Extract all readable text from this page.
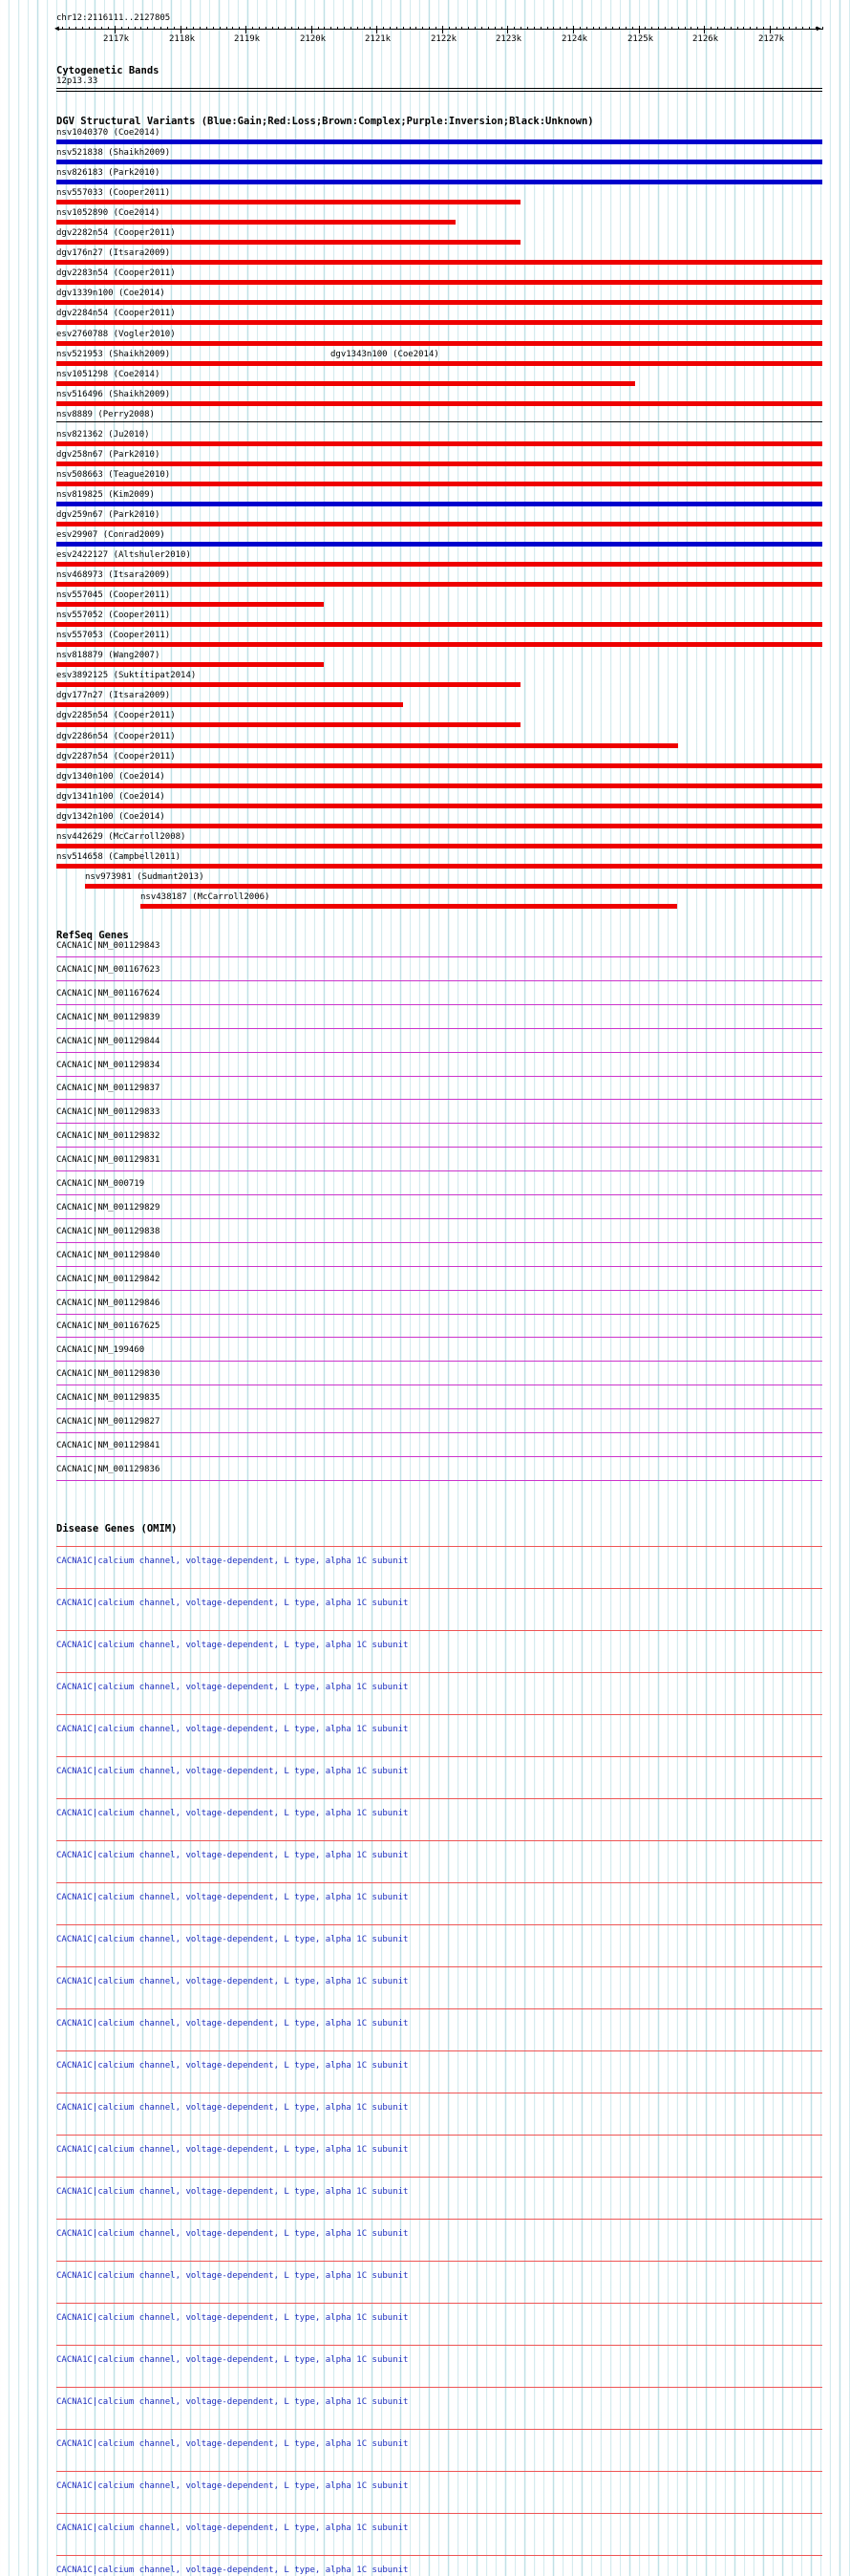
chr12:2116111..2127805
◀	▶
2117k	2118k	2119k	2120k	2121k	2122k	2123k	2124k	2125k	2126k	2127k
Cytogenetic Bands
12p13.33
DGV Structural Variants (Blue:Gain;Red:Loss;Brown:Complex;Purple:Inversion;Black:Unknown)
nsv1040370 (Coe2014)
nsv521838 (Shaikh2009)
nsv826183 (Park2010)
nsv557033 (Cooper2011)
nsv1052890 (Coe2014)
dgv2282n54 (Cooper2011)
dgv176n27 (Itsara2009)
dgv2283n54 (Cooper2011)
dgv1339n100 (Coe2014)
dgv2284n54 (Cooper2011)
esv2760788 (Vogler2010)
nsv521953 (Shaikh2009)	dgv1343n100 (Coe2014)
nsv1051298 (Coe2014)
nsv516496 (Shaikh2009)
nsv8889 (Perry2008)
nsv821362 (Ju2010)
dgv258n67 (Park2010)
nsv508663 (Teague2010)
nsv819825 (Kim2009)
dgv259n67 (Park2010)
esv29907 (Conrad2009)
esv2422127 (Altshuler2010)
nsv468973 (Itsara2009)
nsv557045 (Cooper2011)
nsv557052 (Cooper2011)
nsv557053 (Cooper2011)
nsv818879 (Wang2007)
esv3892125 (Suktitipat2014)
dgv177n27 (Itsara2009)
dgv2285n54 (Cooper2011)
dgv2286n54 (Cooper2011)
dgv2287n54 (Cooper2011)
dgv1340n100 (Coe2014)
dgv1341n100 (Coe2014)
dgv1342n100 (Coe2014)
nsv442629 (McCarroll2008)
nsv514658 (Campbell2011)
nsv973981 (Sudmant2013)
nsv438187 (McCarroll2006)
RefSeq Genes
CACNA1C|NM_001129843
CACNA1C|NM_001167623
CACNA1C|NM_001167624
CACNA1C|NM_001129839
CACNA1C|NM_001129844
CACNA1C|NM_001129834
CACNA1C|NM_001129837
CACNA1C|NM_001129833
CACNA1C|NM_001129832
CACNA1C|NM_001129831
CACNA1C|NM_000719
CACNA1C|NM_001129829
CACNA1C|NM_001129838
CACNA1C|NM_001129840
CACNA1C|NM_001129842
CACNA1C|NM_001129846
CACNA1C|NM_001167625
CACNA1C|NM_199460
CACNA1C|NM_001129830
CACNA1C|NM_001129835
CACNA1C|NM_001129827
CACNA1C|NM_001129841
CACNA1C|NM_001129836
Disease Genes (OMIM)
CACNA1C|calcium channel, voltage-dependent, L type, alpha 1C subunit
CACNA1C|calcium channel, voltage-dependent, L type, alpha 1C subunit
CACNA1C|calcium channel, voltage-dependent, L type, alpha 1C subunit
CACNA1C|calcium channel, voltage-dependent, L type, alpha 1C subunit
CACNA1C|calcium channel, voltage-dependent, L type, alpha 1C subunit
CACNA1C|calcium channel, voltage-dependent, L type, alpha 1C subunit
CACNA1C|calcium channel, voltage-dependent, L type, alpha 1C subunit
CACNA1C|calcium channel, voltage-dependent, L type, alpha 1C subunit
CACNA1C|calcium channel, voltage-dependent, L type, alpha 1C subunit
CACNA1C|calcium channel, voltage-dependent, L type, alpha 1C subunit
CACNA1C|calcium channel, voltage-dependent, L type, alpha 1C subunit
CACNA1C|calcium channel, voltage-dependent, L type, alpha 1C subunit
CACNA1C|calcium channel, voltage-dependent, L type, alpha 1C subunit
CACNA1C|calcium channel, voltage-dependent, L type, alpha 1C subunit
CACNA1C|calcium channel, voltage-dependent, L type, alpha 1C subunit
CACNA1C|calcium channel, voltage-dependent, L type, alpha 1C subunit
CACNA1C|calcium channel, voltage-dependent, L type, alpha 1C subunit
CACNA1C|calcium channel, voltage-dependent, L type, alpha 1C subunit
CACNA1C|calcium channel, voltage-dependent, L type, alpha 1C subunit
CACNA1C|calcium channel, voltage-dependent, L type, alpha 1C subunit
CACNA1C|calcium channel, voltage-dependent, L type, alpha 1C subunit
CACNA1C|calcium channel, voltage-dependent, L type, alpha 1C subunit
CACNA1C|calcium channel, voltage-dependent, L type, alpha 1C subunit
CACNA1C|calcium channel, voltage-dependent, L type, alpha 1C subunit
CACNA1C|calcium channel, voltage-dependent, L type, alpha 1C subunit
